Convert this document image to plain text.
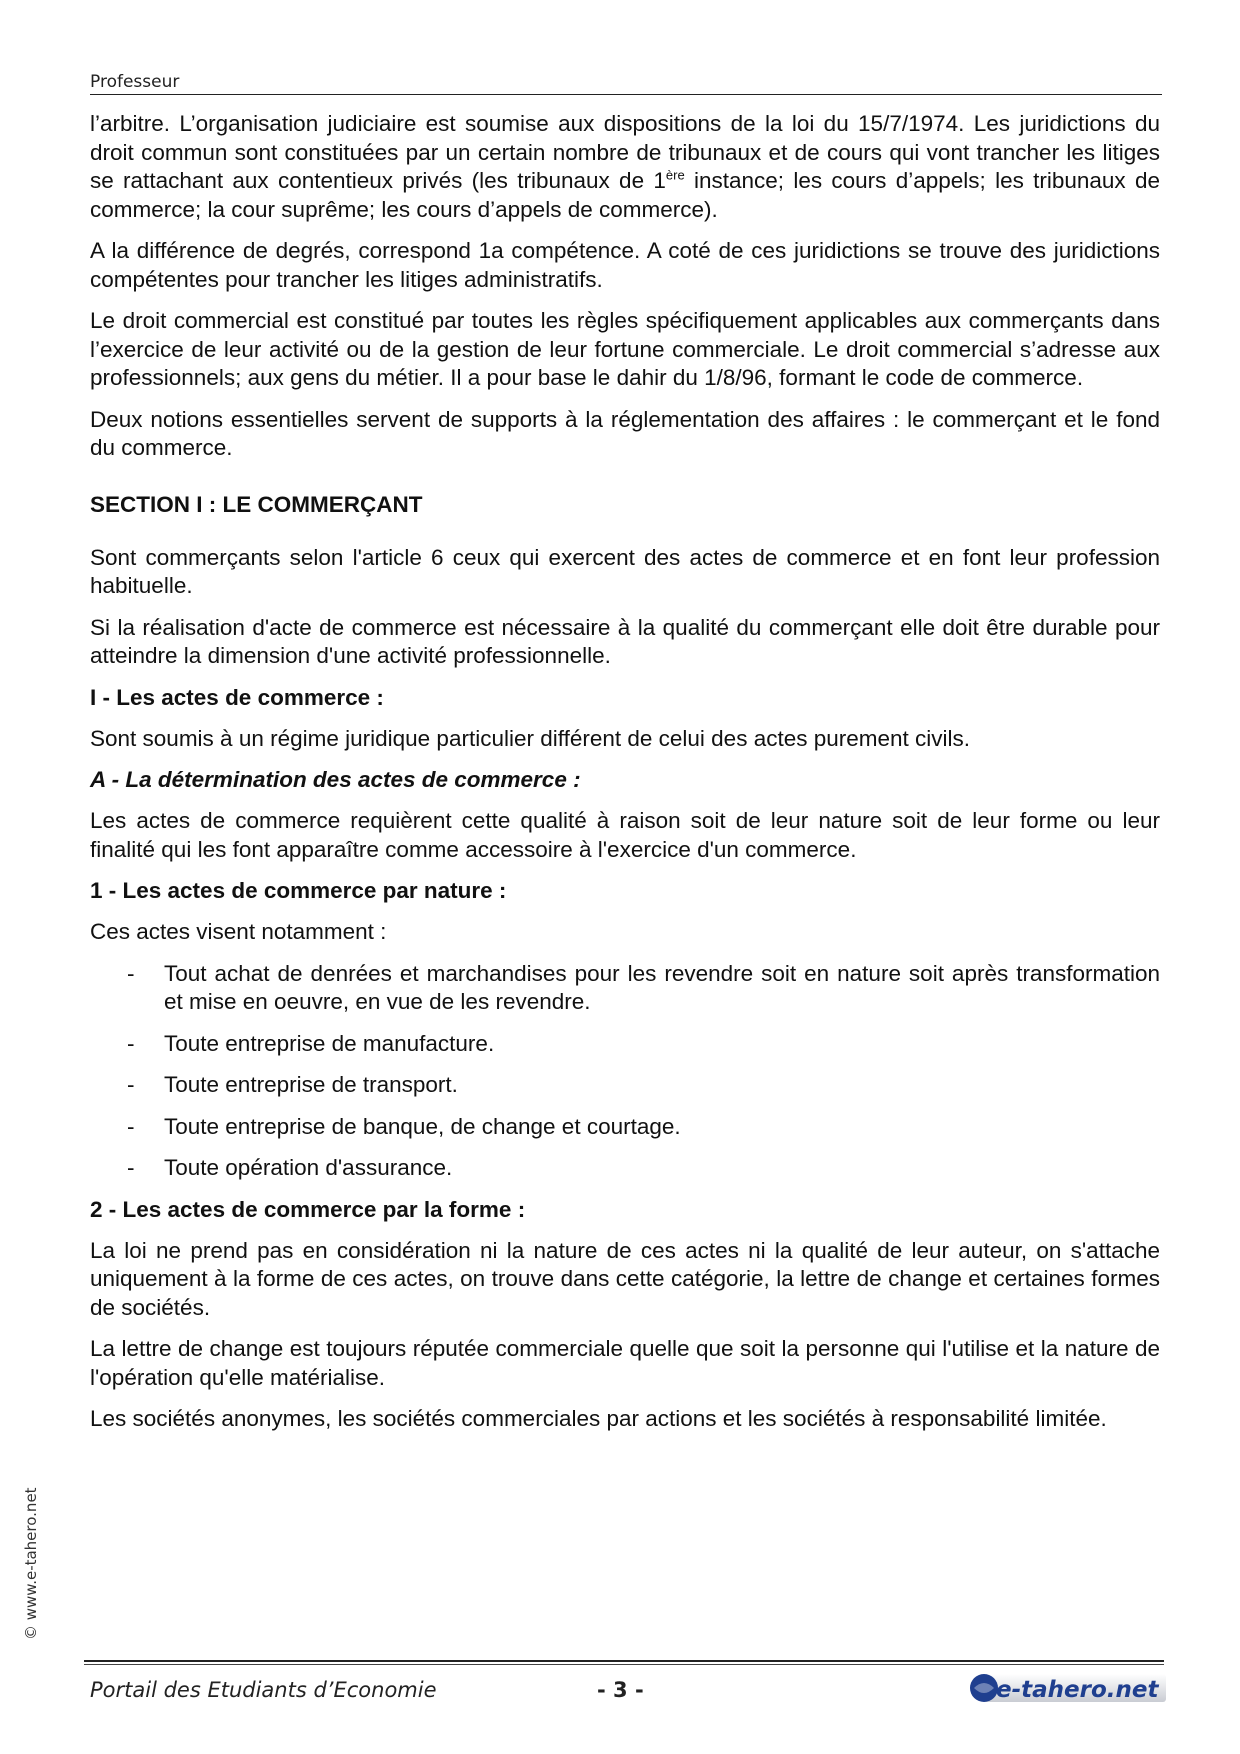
Professeur

l’arbitre. L’organisation judiciaire est soumise aux dispositions de la loi du 15/7/1974. Les juridictions du droit commun sont constituées par un certain nombre de tribunaux et de cours qui vont trancher les litiges se rattachant aux contentieux privés (les tribunaux de 1ère instance; les cours d’appels; les tribunaux de commerce; la cour suprême; les cours d’appels de commerce).

A la différence de degrés, correspond 1a compétence. A coté de ces juridictions se trouve des juridictions compétentes pour trancher les litiges administratifs.

Le droit commercial est constitué par toutes les règles spécifiquement applicables aux commerçants dans l’exercice de leur activité ou de la gestion de leur fortune commerciale. Le droit commercial s’adresse aux professionnels; aux gens du métier. Il a pour base le dahir du 1/8/96, formant le code de commerce.

Deux notions essentielles servent de supports à la réglementation des affaires : le commerçant et le fond du commerce.

SECTION I : LE COMMERÇANT

Sont commerçants selon l'article 6 ceux qui exercent des actes de commerce et en font leur profession habituelle.

Si la réalisation d'acte de commerce est nécessaire à la qualité du commerçant elle doit être durable pour atteindre la dimension d'une activité professionnelle.

I - Les actes de commerce :

Sont soumis à un régime juridique particulier différent de celui des actes purement civils.

A - La détermination des actes de commerce :

Les actes de commerce requièrent cette qualité à raison soit de leur nature soit de leur forme ou leur finalité qui les font apparaître comme accessoire à l'exercice d'un commerce.

1 - Les actes de commerce par nature :

Ces actes visent notamment :

- Tout achat de denrées et marchandises pour les revendre soit en nature soit après transformation et mise en oeuvre, en vue de les revendre.
- Toute entreprise de manufacture.
- Toute entreprise de transport.
- Toute entreprise de banque, de change et courtage.
- Toute opération d'assurance.
2 - Les actes de commerce par la forme :

La loi ne prend pas en considération ni la nature de ces actes ni la qualité de leur auteur, on s'attache uniquement à la forme de ces actes, on trouve dans cette catégorie, la lettre de change et certaines formes de sociétés.

La lettre de change est toujours réputée commerciale quelle que soit la personne qui l'utilise et la nature de l'opération qu'elle matérialise.

Les sociétés anonymes, les sociétés commerciales par actions et les sociétés à responsabilité limitée.

© www.e-tahero.net
Portail des Etudiants d’Economie	- 3 -	e-tahero.net
